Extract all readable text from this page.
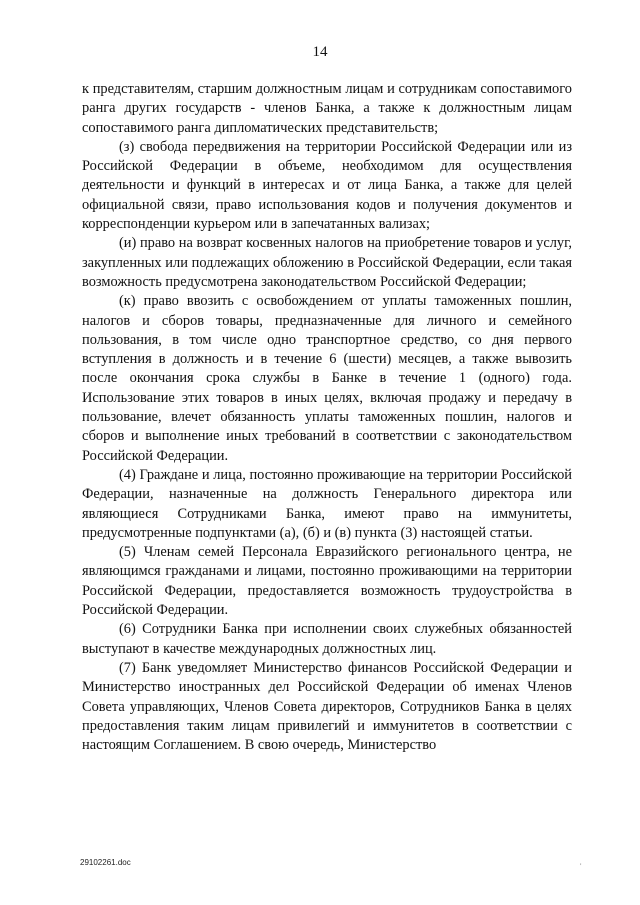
14

к представителям, старшим должностным лицам и сотрудникам сопоставимого ранга других государств - членов Банка, а также к должностным лицам сопоставимого ранга дипломатических представительств;

(з) свобода передвижения на территории Российской Федерации или из Российской Федерации в объеме, необходимом для осуществления деятельности и функций в интересах и от лица Банка, а также для целей официальной связи, право использования кодов и получения документов и корреспонденции курьером или в запечатанных вализах;

(и) право на возврат косвенных налогов на приобретение товаров и услуг, закупленных или подлежащих обложению в Российской Федерации, если такая возможность предусмотрена законодательством Российской Федерации;

(к) право ввозить с освобождением от уплаты таможенных пошлин, налогов и сборов товары, предназначенные для личного и семейного пользования, в том числе одно транспортное средство, со дня первого вступления в должность и в течение 6 (шести) месяцев, а также вывозить после окончания срока службы в Банке в течение 1 (одного) года. Использование этих товаров в иных целях, включая продажу и передачу в пользование, влечет обязанность уплаты таможенных пошлин, налогов и сборов и выполнение иных требований в соответствии с законодательством Российской Федерации.

(4) Граждане и лица, постоянно проживающие на территории Российской Федерации, назначенные на должность Генерального директора или являющиеся Сотрудниками Банка, имеют право на иммунитеты, предусмотренные подпунктами (а), (б) и (в) пункта (3) настоящей статьи.

(5) Членам семей Персонала Евразийского регионального центра, не являющимся гражданами и лицами, постоянно проживающими на территории Российской Федерации, предоставляется возможность трудоустройства в Российской Федерации.

(6) Сотрудники Банка при исполнении своих служебных обязанностей выступают в качестве международных должностных лиц.

(7) Банк уведомляет Министерство финансов Российской Федерации и Министерство иностранных дел Российской Федерации об именах Членов Совета управляющих, Членов Совета директоров, Сотрудников Банка в целях предоставления таким лицам привилегий и иммунитетов в соответствии с настоящим Соглашением. В свою очередь, Министерство

29102261.doc	,
